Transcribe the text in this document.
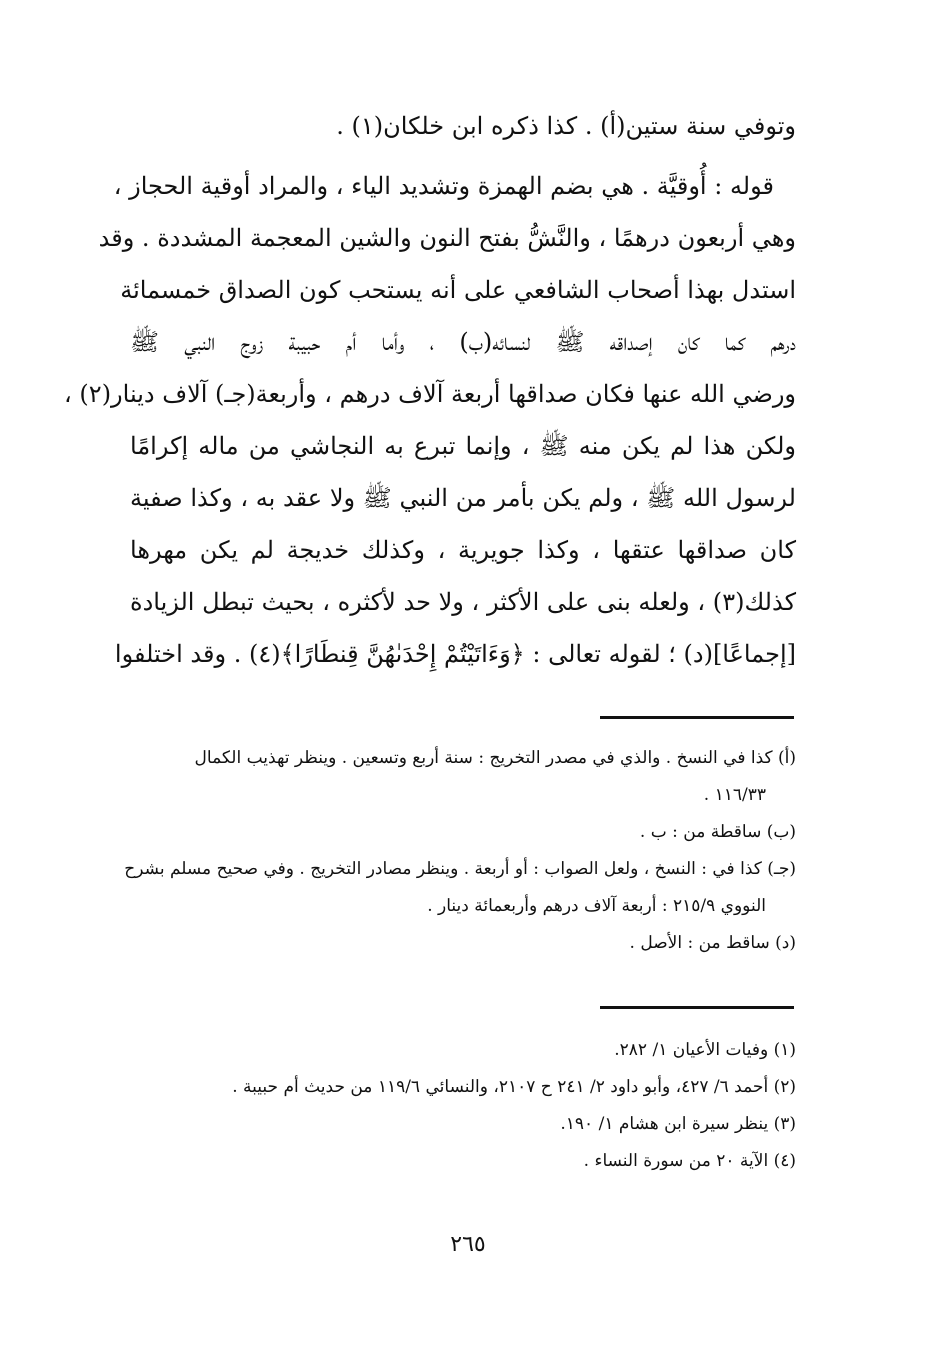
وتوفي سنة ستين(أ) . كذا ذكره ابن خلكان(١) .
قوله : أُوقيَّة . هي بضم الهمزة وتشديد الياء ، والمراد أوقية الحجاز ،
وهي أربعون درهمًا ، والنَّشُّ بفتح النون والشين المعجمة المشددة . وقد
استدل بهذا أصحاب الشافعي على أنه يستحب كون الصداق خمسمائة
درهم كما كان إصداقه ﷺ لنسائه(ب) ، وأما أم حبيبة زوج النبي ﷺ
ورضي الله عنها فكان صداقها أربعة آلاف درهم ، وأربعة(جـ) آلاف دينار(٢) ،
ولكن هذا لم يكن منه ﷺ ، وإنما تبرع به النجاشي من ماله إكرامًا
لرسول الله ﷺ ، ولم يكن بأمر من النبي ﷺ ولا عقد به ، وكذا صفية
كان صداقها عتقها ، وكذا جويرية ، وكذلك خديجة لم يكن مهرها
كذلك(٣) ، ولعله بنى على الأكثر ، ولا حد لأكثره ، بحيث تبطل الزيادة
[إجماعًا](د) ؛ لقوله تعالى : ﴿وَءَاتَيْتُمْ إِحْدَىٰهُنَّ قِنطَارًا﴾(٤) . وقد اختلفوا
(أ) كذا في النسخ . والذي في مصدر التخريج : سنة أربع وتسعين . وينظر تهذيب الكمال
١١٦/٣٣ .
(ب) ساقطة من : ب .
(جـ) كذا في : النسخ ، ولعل الصواب : أو أربعة . وينظر مصادر التخريج . وفي صحيح مسلم بشرح
النووي ٢١٥/٩ : أربعة آلاف درهم وأربعمائة دينار .
(د) ساقط من : الأصل .
(١) وفيات الأعيان ١/ ٢٨٢.
(٢) أحمد ٦/ ٤٢٧، وأبو داود ٢/ ٢٤١ ح ٢١٠٧، والنسائي ١١٩/٦ من حديث أم حبيبة .
(٣) ينظر سيرة ابن هشام ١/ ١٩٠.
(٤) الآية ٢٠ من سورة النساء .
٢٦٥
